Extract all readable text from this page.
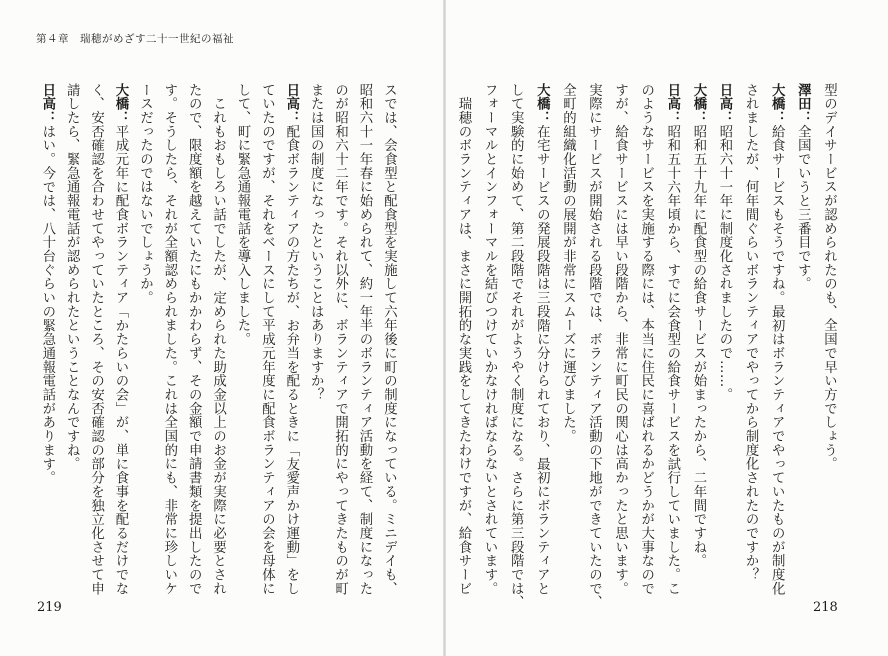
第４章　瑞穂がめざす二十一世紀の福祉
型のデイサービスが認められたのも、全国で早い方でしょう。
澤田：全国でいうと三番目です。
大橋：給食サービスもそうですね。最初はボランティアでやっていたものが制度化
されましたが、何年間ぐらいボランティアでやってから制度化されたのですか？
日高：昭和六十一年に制度化されましたので……。
大橋：昭和五十九年に配食型の給食サービスが始まったから、二年間ですね。
日高：昭和五十六年頃から、すでに会食型の給食サービスを試行していました。こ
のようなサービスを実施する際には、本当に住民に喜ばれるかどうかが大事なので
すが、給食サービスには早い段階から、非常に町民の関心は高かったと思います。
実際にサービスが開始される段階では、ボランティア活動の下地ができていたので、
全町的組織化活動の展開が非常にスムーズに運びました。
大橋：在宅サービスの発展段階は三段階に分けられており、最初にボランティアと
して実験的に始めて、第二段階でそれがようやく制度になる。さらに第三段階では、
フォーマルとインフォーマルを結びつけていかなければならないとされています。
　瑞穂のボランティアは、まさに開拓的な実践をしてきたわけですが、給食サービ
スでは、会食型と配食型を実施して六年後に町の制度になっている。ミニデイも、
昭和六十一年春に始められて、約一年半のボランティア活動を経て、制度になった
のが昭和六十二年です。それ以外に、ボランティアで開拓的にやってきたものが町
または国の制度になったということはありますか？
日高：配食ボランティアの方たちが、お弁当を配るときに「友愛声かけ運動」をし
ていたのですが、それをベースにして平成元年度に配食ボランティアの会を母体に
して、町に緊急通報電話を導入しました。
　これもおもしろい話でしたが、定められた助成金以上のお金が実際に必要とされ
たので、限度額を越えていたにもかかわらず、その金額で申請書類を提出したので
す。そうしたら、それが全額認められました。これは全国的にも、非常に珍しいケ
ースだったのではないでしょうか。
大橋：平成元年に配食ボランティア「かたらいの会」が、単に食事を配るだけでな
く、安否確認を合わせてやっていたところ、その安否確認の部分を独立化させて申
請したら、緊急通報電話が認められたということなんですね。
日高：はい。今では、八十台ぐらいの緊急通報電話があります。
219	218
